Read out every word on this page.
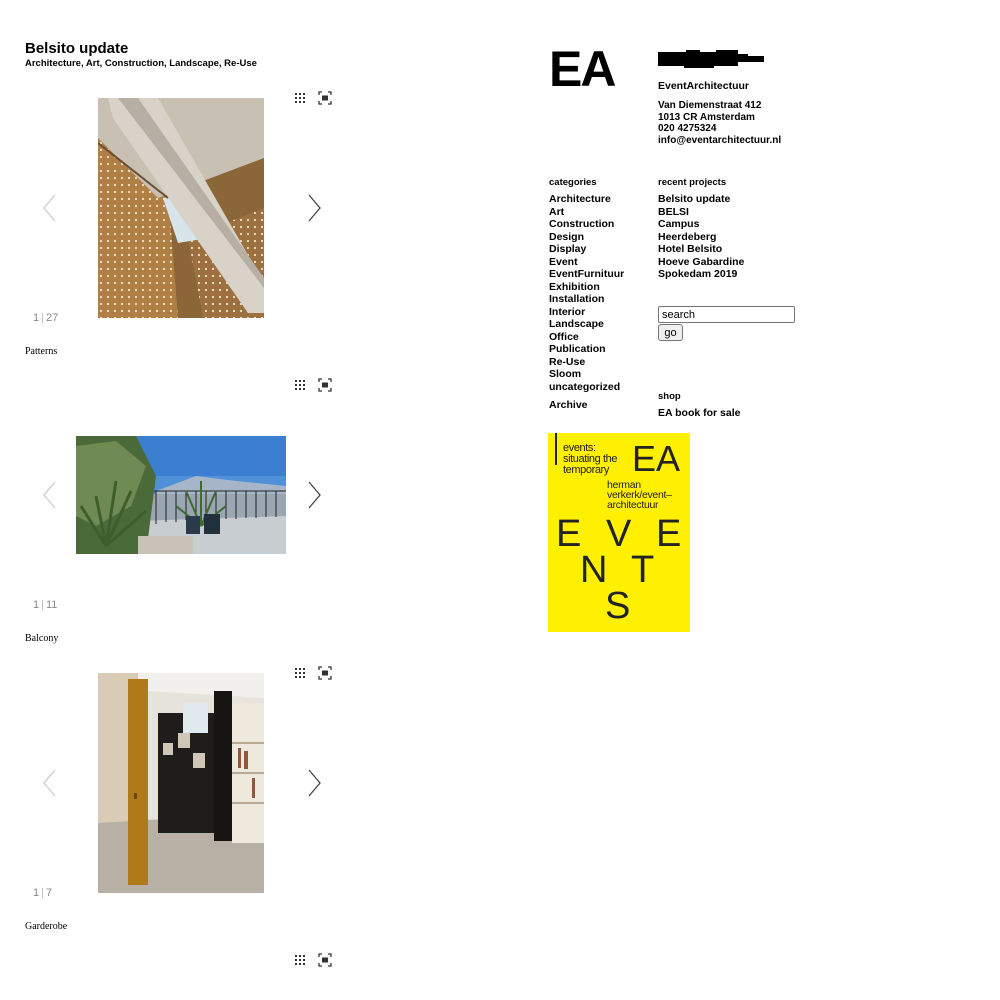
Belsito update
Architecture, Art, Construction, Landscape, Re-Use
1 | 27
Patterns
1 | 11
Balcony
1 | 7
Garderobe
EA	EventArchitectuur
Van Diemenstraat 412
1013 CR Amsterdam
020 4275324
info@eventarchitectuur.nl
categories
Architecture
Art
Construction
Design
Display
Event
EventFurnituur
Exhibition
Installation
Interior
Landscape
Office
Publication
Re-Use
Sloom
uncategorized
Archive
recent projects
Belsito update
BELSI
Campus
Heerdeberg
Hotel Belsito
Hoeve Gabardine
Spokedam 2019
search
go
shop
EA book for sale
events:
situating the
temporary EA
herman
verkerk/event–
architectuur
E V E
N T
S
